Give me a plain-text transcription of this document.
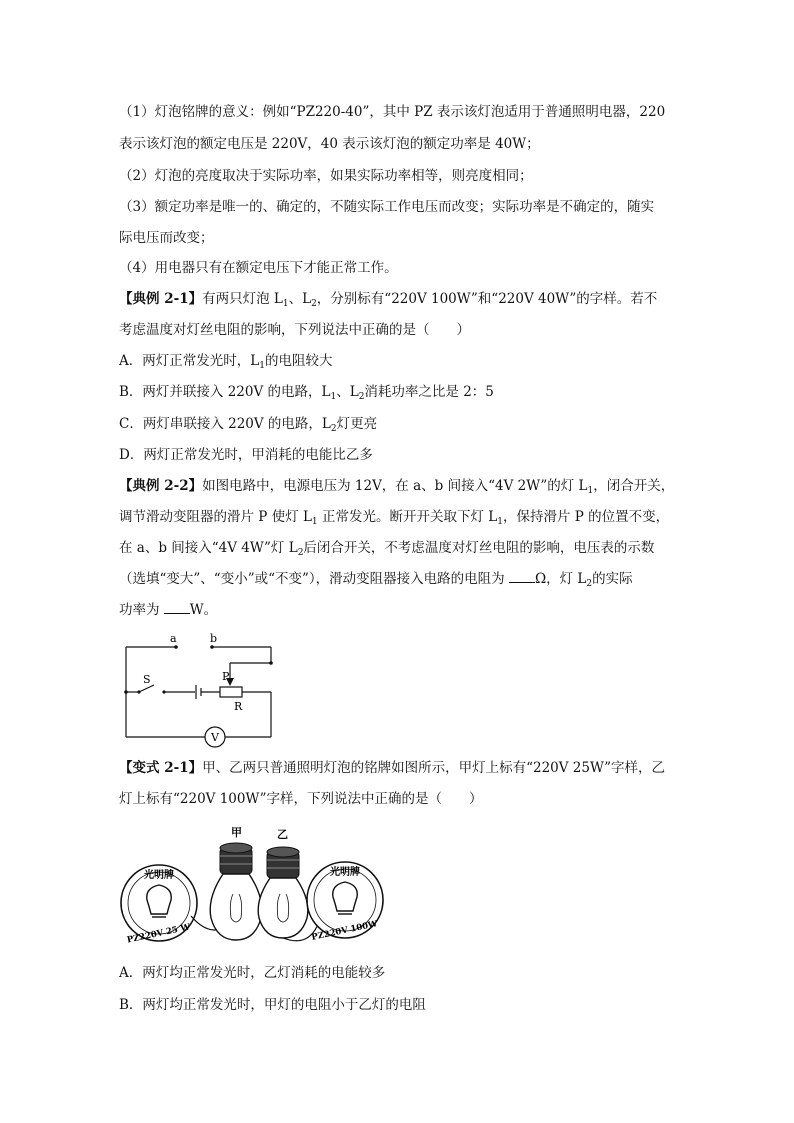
（1）灯泡铭牌的意义：例如“PZ220-40”，其中 PZ 表示该灯泡适用于普通照明电器，220
表示该灯泡的额定电压是 220V，40 表示该灯泡的额定功率是 40W；
（2）灯泡的亮度取决于实际功率，如果实际功率相等，则亮度相同；
（3）额定功率是唯一的、确定的，不随实际工作电压而改变；实际功率是不确定的，随实
际电压而改变；
（4）用电器只有在额定电压下才能正常工作。
【典例 2-1】有两只灯泡 $L_1$、$L_2$，分别标有“220V 100W”和“220V 40W”的字样。若不
考虑温度对灯丝电阻的影响，下列说法中正确的是（　　）
A．两灯正常发光时，$L_1$的电阻较大
B．两灯并联接入 220V 的电路，$L_1$、$L_2$消耗功率之比是 2：5
C．两灯串联接入 220V 的电路，$L_2$灯更亮
D．两灯正常发光时，甲消耗的电能比乙多
【典例 2-2】如图电路中，电源电压为 12V，在 a、b 间接入“4V 2W”的灯 $L_1$，闭合开关，
调节滑动变阻器的滑片 P 使灯 $L_1$ 正常发光。断开开关取下灯 $L_1$，保持滑片 P 的位置不变，
在 a、b 间接入“4V 4W”灯 $L_2$后闭合开关，不考虑温度对灯丝电阻的影响，电压表的示数
（选填“变大”、“变小”或“不变”），滑动变阻器接入电路的电阻为 Ω，灯 $L_2$的实际
功率为 W。
a	b
S	P
R
V
【变式 2-1】甲、乙两只普通照明灯泡的铭牌如图所示，甲灯上标有“220V 25W”字样，乙
灯上标有“220V 100W”字样，下列说法中正确的是（　　）
光明牌
PZ220V 25 W
甲	乙
光明牌
PZ220V 100W
A．两灯均正常发光时，乙灯消耗的电能较多
B．两灯均正常发光时，甲灯的电阻小于乙灯的电阻
